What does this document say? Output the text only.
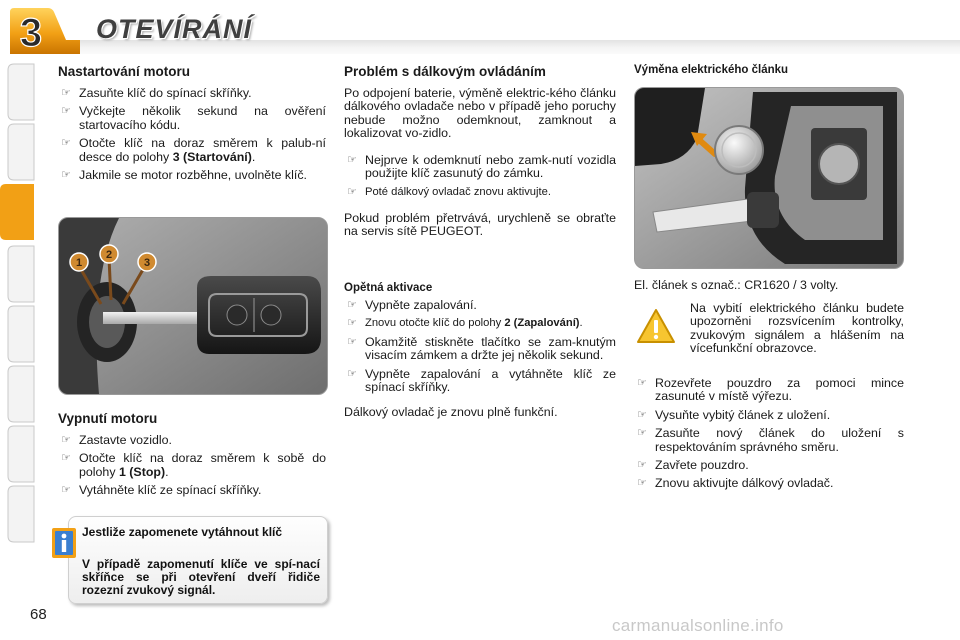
3 OTEVÍRÁNÍ
68
Nastartování motoru
☞ Zasuňte klíč do spínací skříňky.
☞ Vyčkejte několik sekund na ověření startovacího kódu.
☞ Otočte klíč na doraz směrem k palub-ní desce do polohy 3 (Startování).
☞ Jakmile se motor rozběhne, uvolněte klíč.
1
2
3
Vypnutí motoru
☞ Zastavte vozidlo.
☞ Otočte klíč na doraz směrem k sobě do polohy 1 (Stop).
☞ Vytáhněte klíč ze spínací skříňky.
Jestliže zapomenete vytáhnout klíč
V případě zapomenutí klíče ve spí-nací skříňce se při otevření dveří řidiče rozezní zvukový signál.
Problém s dálkovým ovládáním

Po odpojení baterie, výměně elektric-kého článku dálkového ovladače nebo v případě jeho poruchy nebude možno odemknout, zamknout a lokalizovat vo-zidlo.

☞ Nejprve k odemknutí nebo zamk-nutí vozidla použijte klíč zasunutý do zámku.
☞ Poté dálkový ovladač znovu aktivujte.

Pokud problém přetrvává, urychleně se obraťte na servis sítě PEUGEOT.

Opětná aktivace
☞ Vypněte zapalování.
☞ Znovu otočte klíč do polohy 2 (Zapalování).
☞ Okamžitě stiskněte tlačítko se zam-knutým visacím zámkem a držte jej několik sekund.
☞ Vypněte zapalování a vytáhněte klíč ze spínací skříňky.

Dálkový ovladač je znovu plně funkční.

Výměna elektrického článku

El. článek s označ.: CR1620 / 3 volty.

Na vybití elektrického článku budete upozorněni rozsvícením kontrolky, zvukovým signálem a hlášením na vícefunkční obrazovce.

☞ Rozevřete pouzdro za pomoci mince zasunuté v místě výřezu.
☞ Vysuňte vybitý článek z uložení.
☞ Zasuňte nový článek do uložení s respektováním správného směru.
☞ Zavřete pouzdro.
☞ Znovu aktivujte dálkový ovladač.
carmanualsonline.info
